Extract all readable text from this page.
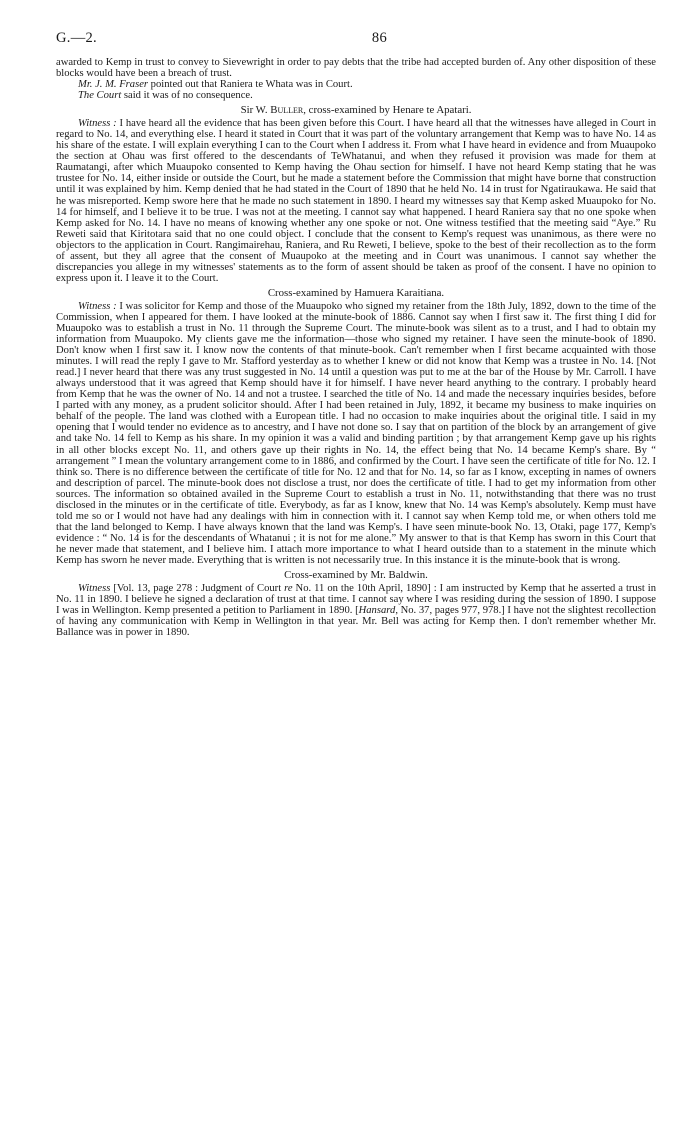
G.—2.	86

awarded to Kemp in trust to convey to Sievewright in order to pay debts that the tribe had accepted burden of. Any other disposition of these blocks would have been a breach of trust.

Mr. J. M. Fraser pointed out that Raniera te Whata was in Court.

The Court said it was of no consequence.

Sir W. Buller, cross-examined by Henare te Apatari.

Witness : I have heard all the evidence that has been given before this Court. I have heard all that the witnesses have alleged in Court in regard to No. 14, and everything else. I heard it stated in Court that it was part of the voluntary arrangement that Kemp was to have No. 14 as his share of the estate. I will explain everything I can to the Court when I address it. From what I have heard in evidence and from Muaupoko the section at Ohau was first offered to the descendants of TeWhatanui, and when they refused it provision was made for them at Raumatangi, after which Muaupoko consented to Kemp having the Ohau section for himself. I have not heard Kemp stating that he was trustee for No. 14, either inside or outside the Court, but he made a statement before the Commission that might have borne that construction until it was explained by him. Kemp denied that he had stated in the Court of 1890 that he held No. 14 in trust for Ngatiraukawa. He said that he was misreported. Kemp swore here that he made no such statement in 1890. I heard my witnesses say that Kemp asked Muaupoko for No. 14 for himself, and I believe it to be true. I was not at the meeting. I cannot say what happened. I heard Raniera say that no one spoke when Kemp asked for No. 14. I have no means of knowing whether any one spoke or not. One witness testified that the meeting said “Aye.” Ru Reweti said that Kiritotara said that no one could object. I conclude that the consent to Kemp's request was unanimous, as there were no objectors to the application in Court. Rangimairehau, Raniera, and Ru Reweti, I believe, spoke to the best of their recollection as to the form of assent, but they all agree that the consent of Muaupoko at the meeting and in Court was unanimous. I cannot say whether the discrepancies you allege in my witnesses' statements as to the form of assent should be taken as proof of the consent. I have no opinion to express upon it. I leave it to the Court.

Cross-examined by Hamuera Karaitiana.

Witness : I was solicitor for Kemp and those of the Muaupoko who signed my retainer from the 18th July, 1892, down to the time of the Commission, when I appeared for them. I have looked at the minute-book of 1886. Cannot say when I first saw it. The first thing I did for Muaupoko was to establish a trust in No. 11 through the Supreme Court. The minute-book was silent as to a trust, and I had to obtain my information from Muaupoko. My clients gave me the information—those who signed my retainer. I have seen the minute-book of 1890. Don't know when I first saw it. I know now the contents of that minute-book. Can't remember when I first became acquainted with those minutes. I will read the reply I gave to Mr. Stafford yesterday as to whether I knew or did not know that Kemp was a trustee in No. 14. [Not read.] I never heard that there was any trust suggested in No. 14 until a question was put to me at the bar of the House by Mr. Carroll. I have always understood that it was agreed that Kemp should have it for himself. I have never heard anything to the contrary. I probably heard from Kemp that he was the owner of No. 14 and not a trustee. I searched the title of No. 14 and made the necessary inquiries besides, before I parted with any money, as a prudent solicitor should. After I had been retained in July, 1892, it became my business to make inquiries on behalf of the people. The land was clothed with a European title. I had no occasion to make inquiries about the original title. I said in my opening that I would tender no evidence as to ancestry, and I have not done so. I say that on partition of the block by an arrangement of give and take No. 14 fell to Kemp as his share. In my opinion it was a valid and binding partition ; by that arrangement Kemp gave up his rights in all other blocks except No. 11, and others gave up their rights in No. 14, the effect being that No. 14 became Kemp's share. By “ arrangement ” I mean the voluntary arrangement come to in 1886, and confirmed by the Court. I have seen the certificate of title for No. 12. I think so. There is no difference between the certificate of title for No. 12 and that for No. 14, so far as I know, excepting in names of owners and description of parcel. The minute-book does not disclose a trust, nor does the certificate of title. I had to get my information from other sources. The information so obtained availed in the Supreme Court to establish a trust in No. 11, notwithstanding that there was no trust disclosed in the minutes or in the certificate of title. Everybody, as far as I know, knew that No. 14 was Kemp's absolutely. Kemp must have told me so or I would not have had any dealings with him in connection with it. I cannot say when Kemp told me, or when others told me that the land belonged to Kemp. I have always known that the land was Kemp's. I have seen minute-book No. 13, Otaki, page 177, Kemp's evidence : “ No. 14 is for the descendants of Whatanui ; it is not for me alone.” My answer to that is that Kemp has sworn in this Court that he never made that statement, and I believe him. I attach more importance to what I heard outside than to a statement in the minute which Kemp has sworn he never made. Everything that is written is not necessarily true. In this instance it is the minute-book that is wrong.

Cross-examined by Mr. Baldwin.

Witness [Vol. 13, page 278 : Judgment of Court re No. 11 on the 10th April, 1890] : I am instructed by Kemp that he asserted a trust in No. 11 in 1890. I believe he signed a declaration of trust at that time. I cannot say where I was residing during the session of 1890. I suppose I was in Wellington. Kemp presented a petition to Parliament in 1890. [Hansard, No. 37, pages 977, 978.] I have not the slightest recollection of having any communication with Kemp in Wellington in that year. Mr. Bell was acting for Kemp then. I don't remember whether Mr. Ballance was in power in 1890.
